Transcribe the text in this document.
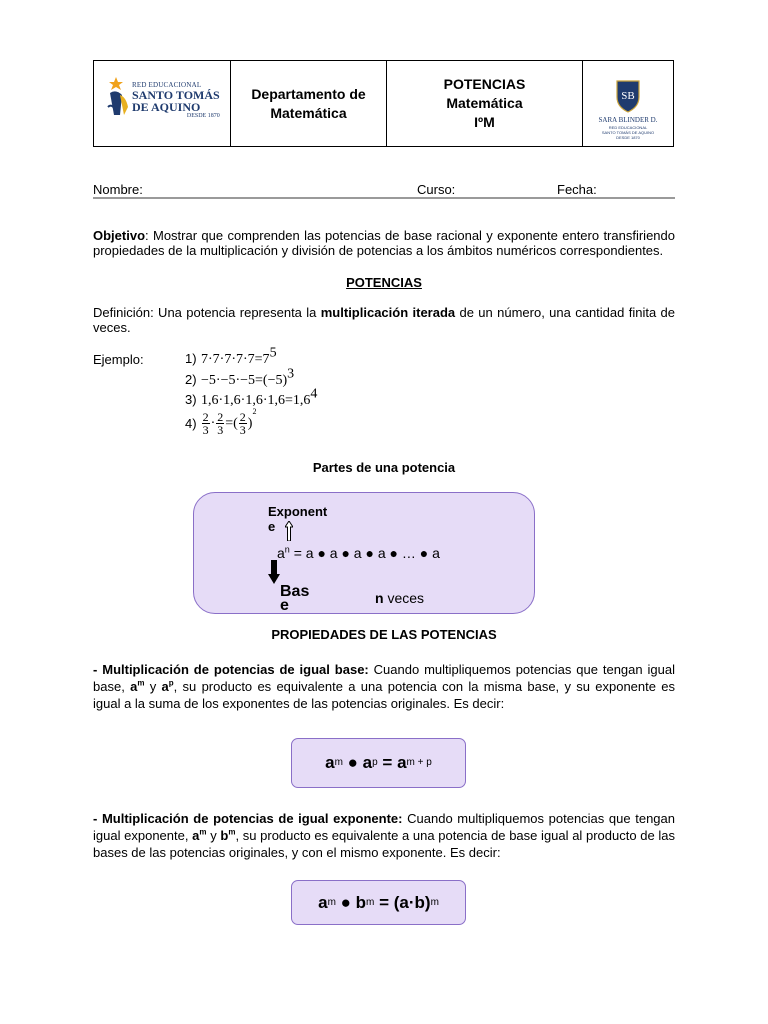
RED EDUCACIONAL
SANTO TOMÁS
DE AQUINO
DESDE 1870
Departamento de
Matemática
POTENCIAS
Matemática
IºM
SB
SARA BLINDER D.
RED EDUCACIONAL
SANTO TOMÁS DE AQUINO
DESDE 1870
Nombre:	Curso:	Fecha:
Objetivo: Mostrar que comprenden las potencias de base racional y exponente entero transfiriendo propiedades de la multiplicación y división de potencias a los ámbitos numéricos correspondientes.
POTENCIAS
Definición: Una potencia representa la multiplicación iterada de un número, una cantidad finita de veces.
Ejemplo:	1) 7·7·7·7·7=75
2) −5·−5·−5=(−5)3
3) 1,6·1,6·1,6·1,6=1,64
$4) \frac{2}{3} \cdot \frac{2}{3}$ =( $\frac{2}{3}$ )
2
Partes de una potencia
Exponent
e
$a^n = a$ ● a ● a ● a ● … ● a
Bas
e	n veces
PROPIEDADES DE LAS POTENCIAS
- Multiplicación de potencias de igual base: Cuando multipliquemos potencias que tengan igual base, $a^m$ y $a^p$, su producto es equivalente a una potencia con la misma base, y su exponente es igual a la suma de los exponentes de las potencias originales. Es decir:
a m ● a p = a m + p
- Multiplicación de potencias de igual exponente: Cuando multipliquemos potencias que tengan igual exponente, $a^m$ y $b^m$, su producto es equivalente a una potencia de base igual al producto de las bases de las potencias originales, y con el mismo exponente. Es decir:
a m ● b m = (a·b) m
